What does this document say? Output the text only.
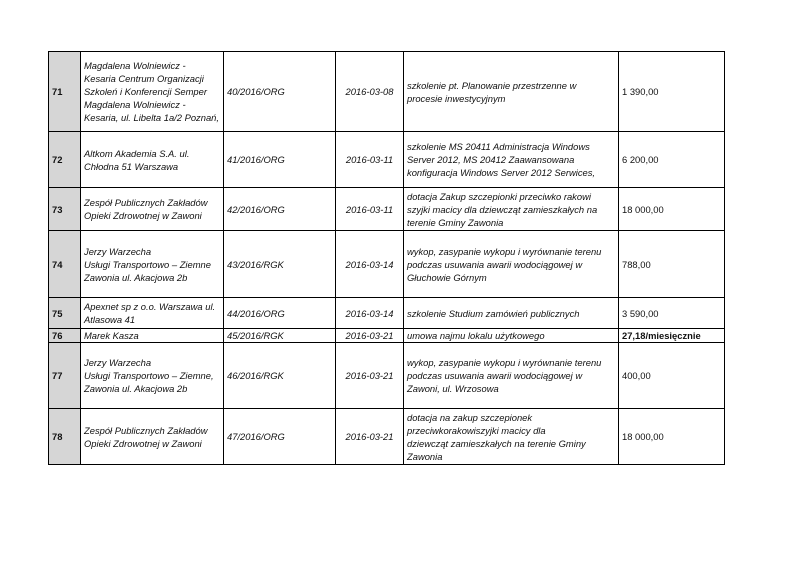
71	Magdalena Wolniewicz -
Kesaria Centrum Organizacji
Szkoleń i Konferencji Semper
Magdalena Wolniewicz -
Kesaria, ul. Libelta 1a/2 Poznań,	40/2016/ORG	2016-03-08	szkolenie pt. Planowanie przestrzenne w
procesie inwestycyjnym	1 390,00
72	Altkom Akademia S.A. ul.
Chłodna 51 Warszawa	41/2016/ORG	2016-03-11	szkolenie MS 20411 Administracja Windows
Server 2012, MS 20412 Zaawansowana
konfiguracja Windows Server 2012 Serwices,	6 200,00
73	Zespół Publicznych Zakładów
Opieki Zdrowotnej w Zawoni	42/2016/ORG	2016-03-11	dotacja Zakup szczepionki przeciwko rakowi
szyjki macicy dla dziewcząt zamieszkałych na
terenie Gminy Zawonia	18 000,00
74	Jerzy Warzecha
Usługi Transportowo – Ziemne
Zawonia ul. Akacjowa 2b	43/2016/RGK	2016-03-14	wykop, zasypanie wykopu i wyrównanie terenu
podczas usuwania awarii wodociągowej w
Głuchowie Górnym	788,00
75	Apexnet sp z o.o. Warszawa ul.
Atlasowa 41	44/2016/ORG	2016-03-14	szkolenie Studium zamówień publicznych	3 590,00
76	Marek Kasza	45/2016/RGK	2016-03-21	umowa najmu lokalu użytkowego	27,18/miesięcznie
77	Jerzy Warzecha
Usługi Transportowo – Ziemne,
Zawonia ul. Akacjowa 2b	46/2016/RGK	2016-03-21	wykop, zasypanie wykopu i wyrównanie terenu
podczas usuwania awarii wodociągowej w
Zawoni, ul. Wrzosowa	400,00
78	Zespół Publicznych Zakładów
Opieki Zdrowotnej w Zawoni	47/2016/ORG	2016-03-21	dotacja na zakup szczepionek
przeciwkorakowiszyjki macicy dla
dziewcząt zamieszkałych na terenie Gminy
Zawonia	18 000,00
